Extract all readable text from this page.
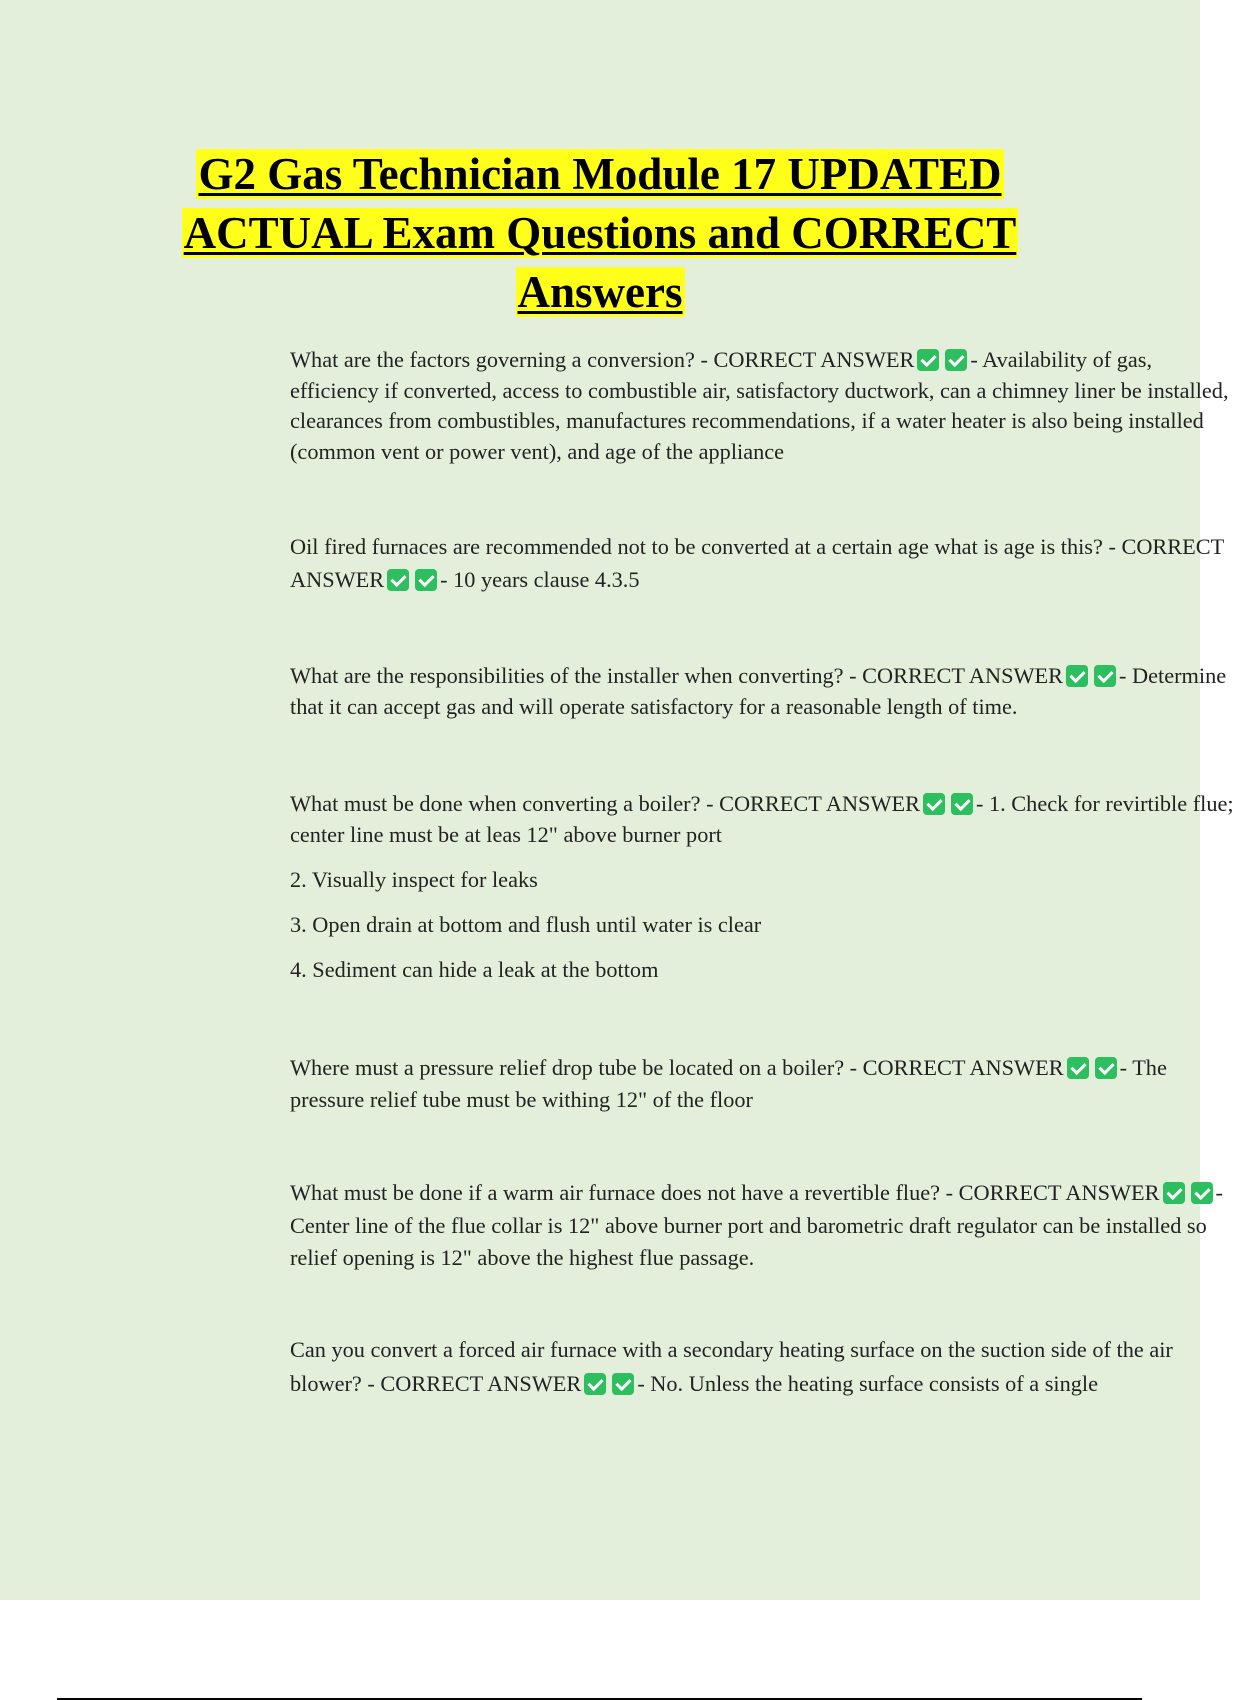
G2 Gas Technician Module 17 UPDATED ACTUAL Exam Questions and CORRECT Answers

What are the factors governing a conversion? - CORRECT ANSWER	- Availability of gas, efficiency if converted, access to combustible air, satisfactory ductwork, can a chimney liner be installed, clearances from combustibles, manufactures recommendations, if a water heater is also being installed (common vent or power vent), and age of the appliance

Oil fired furnaces are recommended not to be converted at a certain age what is age is this? - CORRECT ANSWER	- 10 years clause 4.3.5

What are the responsibilities of the installer when converting? - CORRECT ANSWER	- Determine that it can accept gas and will operate satisfactory for a reasonable length of time.

What must be done when converting a boiler? - CORRECT ANSWER	- 1. Check for revirtible flue; center line must be at leas 12" above burner port

2. Visually inspect for leaks

3. Open drain at bottom and flush until water is clear

4. Sediment can hide a leak at the bottom

Where must a pressure relief drop tube be located on a boiler? - CORRECT ANSWER	- The pressure relief tube must be withing 12" of the floor

What must be done if a warm air furnace does not have a revertible flue? - CORRECT ANSWER	- Center line of the flue collar is 12" above burner port and barometric draft regulator can be installed so relief opening is 12" above the highest flue passage.

Can you convert a forced air furnace with a secondary heating surface on the suction side of the air blower? - CORRECT ANSWER	- No. Unless the heating surface consists of a single
